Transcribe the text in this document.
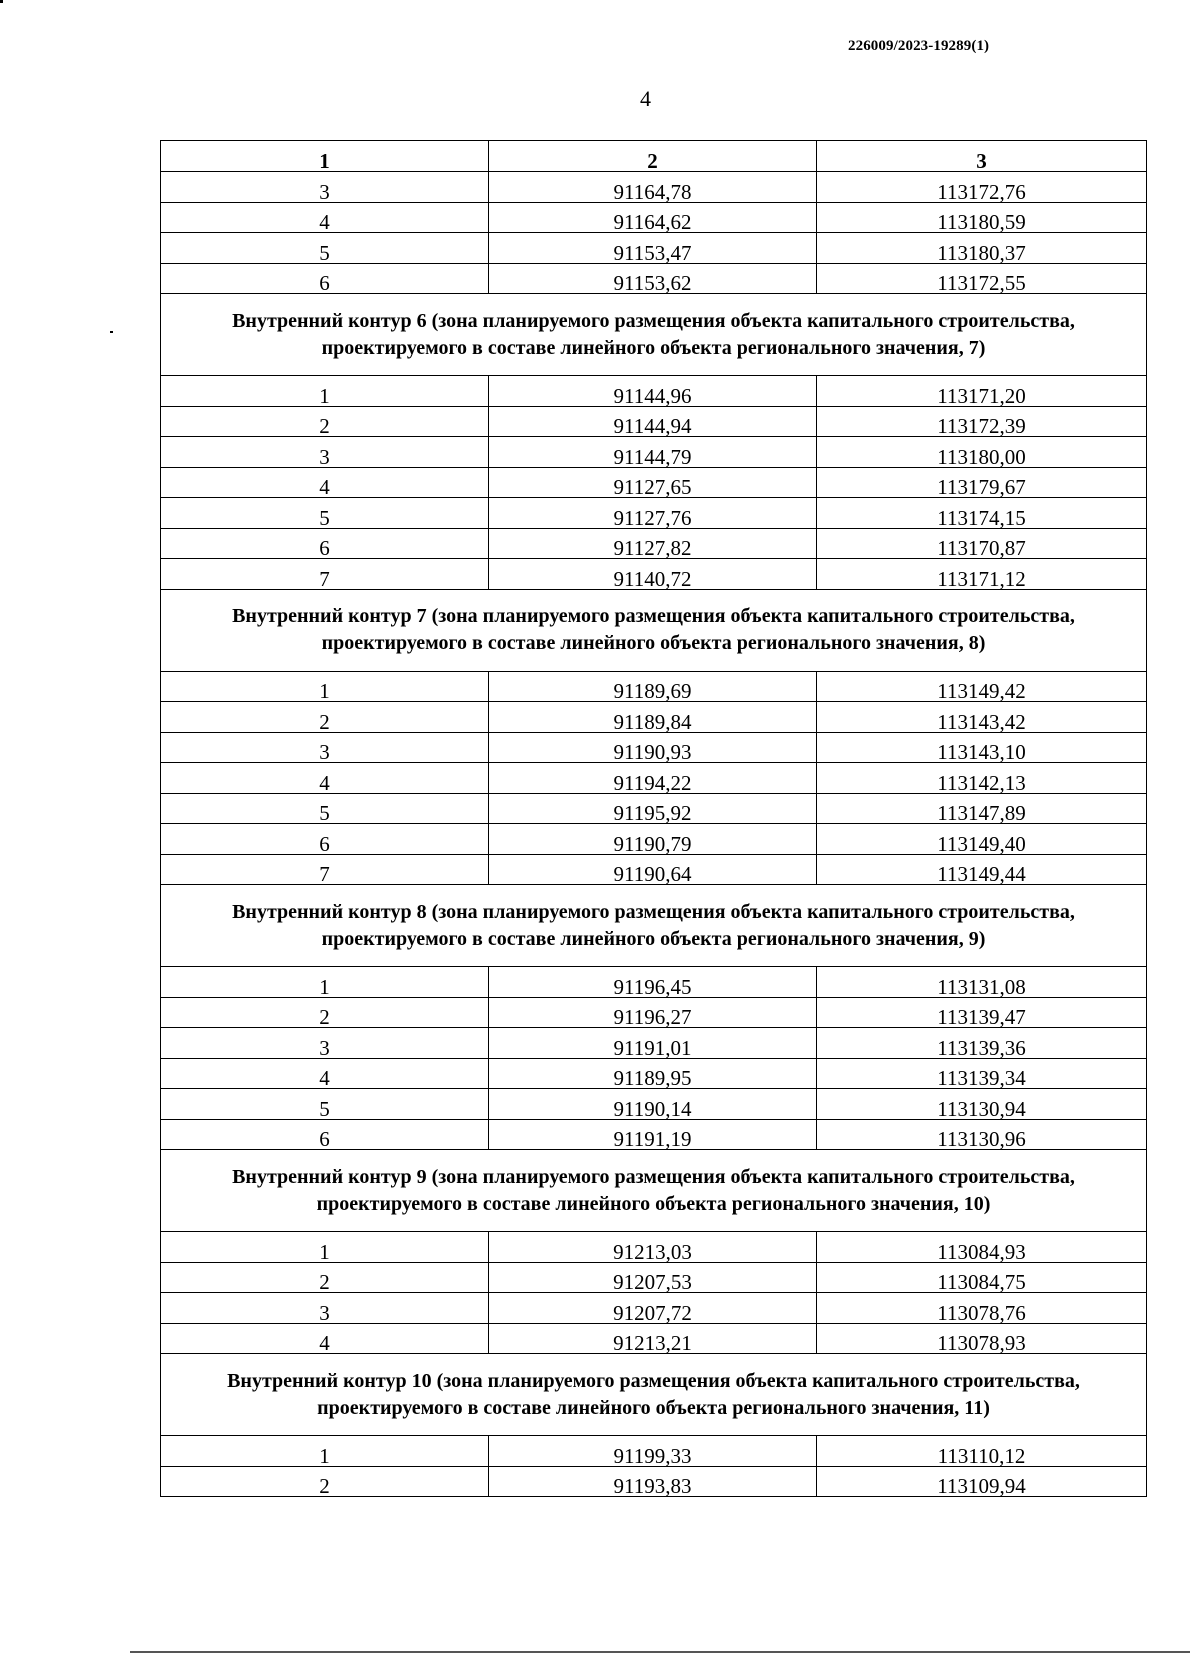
226009/2023-19289(1)
4
1	2	3
3	91164,78	113172,76
4	91164,62	113180,59
5	91153,47	113180,37
6	91153,62	113172,55
Внутренний контур 6 (зона планируемого размещения объекта капитального строительства, проектируемого в составе линейного объекта регионального значения, 7)		
1	91144,96	113171,20
2	91144,94	113172,39
3	91144,79	113180,00
4	91127,65	113179,67
5	91127,76	113174,15
6	91127,82	113170,87
7	91140,72	113171,12
Внутренний контур 7 (зона планируемого размещения объекта капитального строительства, проектируемого в составе линейного объекта регионального значения, 8)		
1	91189,69	113149,42
2	91189,84	113143,42
3	91190,93	113143,10
4	91194,22	113142,13
5	91195,92	113147,89
6	91190,79	113149,40
7	91190,64	113149,44
Внутренний контур 8 (зона планируемого размещения объекта капитального строительства, проектируемого в составе линейного объекта регионального значения, 9)		
1	91196,45	113131,08
2	91196,27	113139,47
3	91191,01	113139,36
4	91189,95	113139,34
5	91190,14	113130,94
6	91191,19	113130,96
Внутренний контур 9 (зона планируемого размещения объекта капитального строительства, проектируемого в составе линейного объекта регионального значения, 10)		
1	91213,03	113084,93
2	91207,53	113084,75
3	91207,72	113078,76
4	91213,21	113078,93
Внутренний контур 10 (зона планируемого размещения объекта капитального строительства, проектируемого в составе линейного объекта регионального значения, 11)		
1	91199,33	113110,12
2	91193,83	113109,94
